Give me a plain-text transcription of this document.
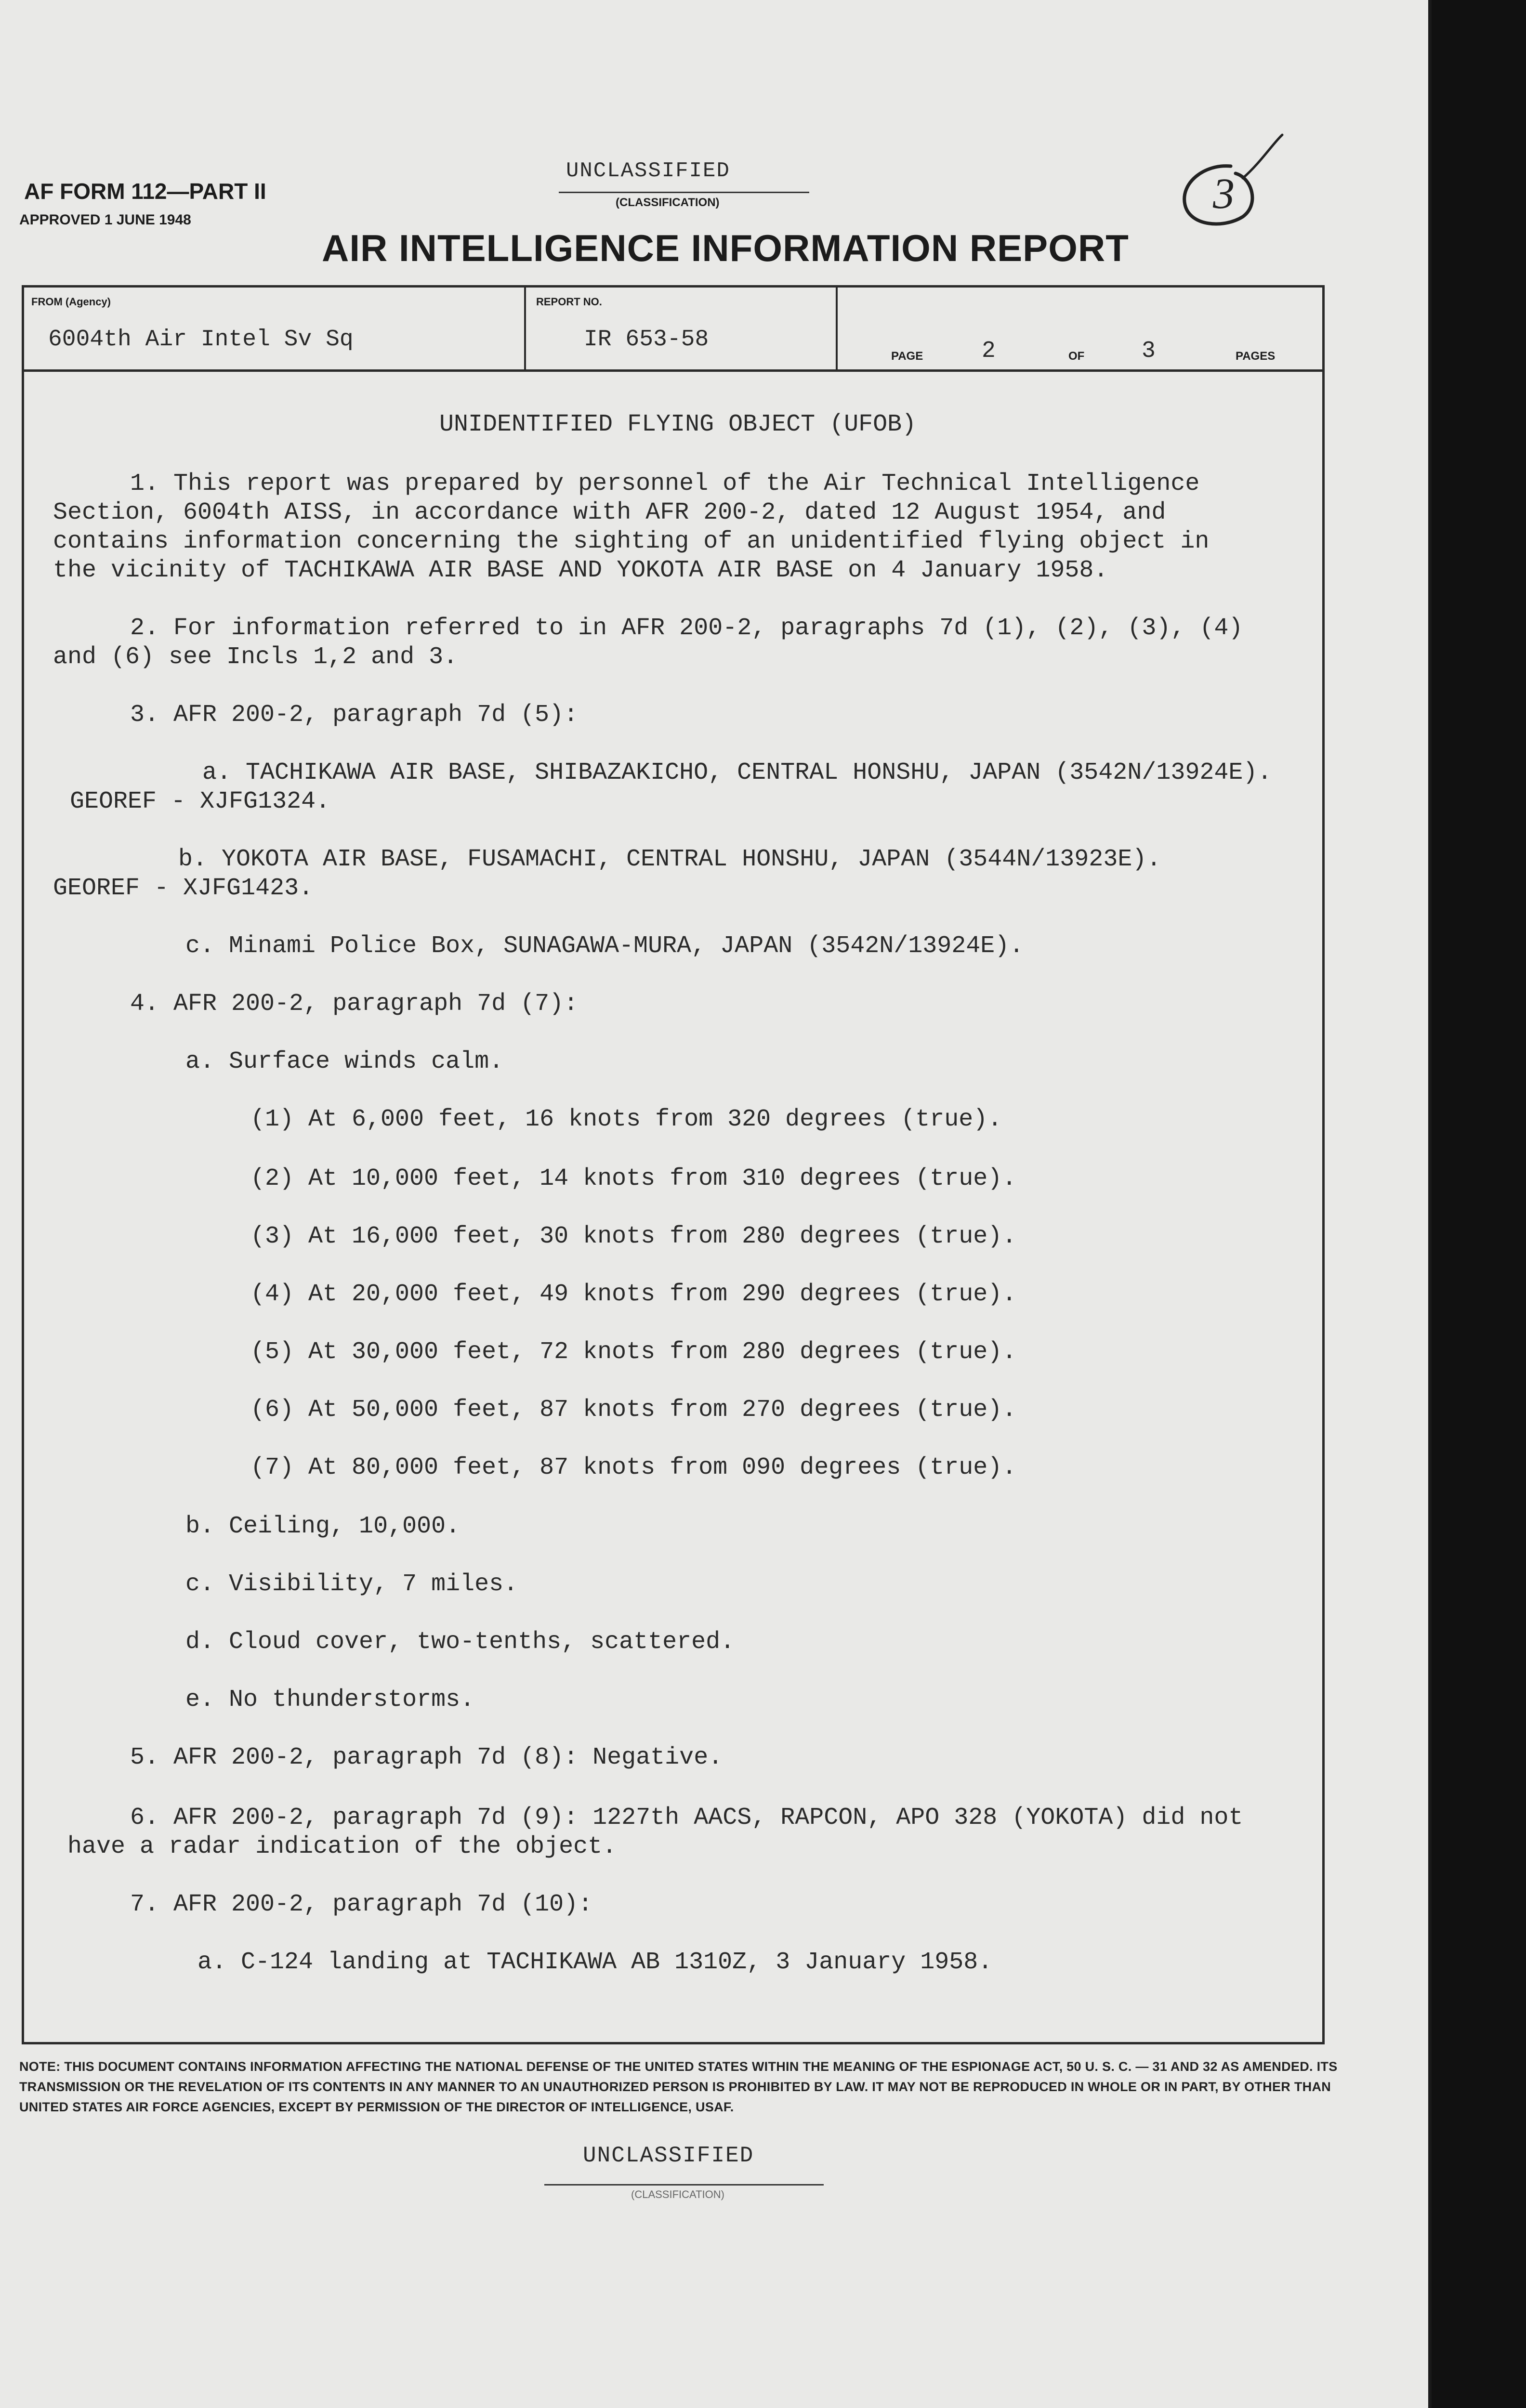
AF FORM 112—PART II
APPROVED 1 JUNE 1948
UNCLASSIFIED
(CLASSIFICATION)
AIR INTELLIGENCE INFORMATION REPORT
3
FROM (Agency)
6004th Air Intel Sv Sq
REPORT NO.
IR 653-58
PAGE	2	OF 3	PAGES
UNIDENTIFIED FLYING OBJECT (UFOB)
1. This report was prepared by personnel of the Air Technical Intelligence
Section, 6004th AISS, in accordance with AFR 200-2, dated 12 August 1954, and
contains information concerning the sighting of an unidentified flying object in
the vicinity of TACHIKAWA AIR BASE AND YOKOTA AIR BASE on 4 January 1958.
2. For information referred to in AFR 200-2, paragraphs 7d (1), (2), (3), (4)
and (6) see Incls 1,2 and 3.
3. AFR 200-2, paragraph 7d (5):
a. TACHIKAWA AIR BASE, SHIBAZAKICHO, CENTRAL HONSHU, JAPAN (3542N/13924E).
GEOREF - XJFG1324.
b. YOKOTA AIR BASE, FUSAMACHI, CENTRAL HONSHU, JAPAN (3544N/13923E).
GEOREF - XJFG1423.
c. Minami Police Box, SUNAGAWA-MURA, JAPAN (3542N/13924E).
4. AFR 200-2, paragraph 7d (7):
a. Surface winds calm.
(1) At 6,000 feet, 16 knots from 320 degrees (true).
(2) At 10,000 feet, 14 knots from 310 degrees (true).
(3) At 16,000 feet, 30 knots from 280 degrees (true).
(4) At 20,000 feet, 49 knots from 290 degrees (true).
(5) At 30,000 feet, 72 knots from 280 degrees (true).
(6) At 50,000 feet, 87 knots from 270 degrees (true).
(7) At 80,000 feet, 87 knots from 090 degrees (true).
b. Ceiling, 10,000.
c. Visibility, 7 miles.
d. Cloud cover, two-tenths, scattered.
e. No thunderstorms.
5. AFR 200-2, paragraph 7d (8): Negative.
6. AFR 200-2, paragraph 7d (9): 1227th AACS, RAPCON, APO 328 (YOKOTA) did not
have a radar indication of the object.
7. AFR 200-2, paragraph 7d (10):
a. C-124 landing at TACHIKAWA AB 1310Z, 3 January 1958.
NOTE: THIS DOCUMENT CONTAINS INFORMATION AFFECTING THE NATIONAL DEFENSE OF THE UNITED STATES WITHIN THE MEANING OF THE ESPIONAGE ACT, 50 U. S. C. — 31 AND 32 AS AMENDED. ITS TRANSMISSION OR THE REVELATION OF ITS CONTENTS IN ANY MANNER TO AN UNAUTHORIZED PERSON IS PROHIBITED BY LAW. IT MAY NOT BE REPRODUCED IN WHOLE OR IN PART, BY OTHER THAN UNITED STATES AIR FORCE AGENCIES, EXCEPT BY PERMISSION OF THE DIRECTOR OF INTELLIGENCE, USAF.
UNCLASSIFIED
(CLASSIFICATION)
